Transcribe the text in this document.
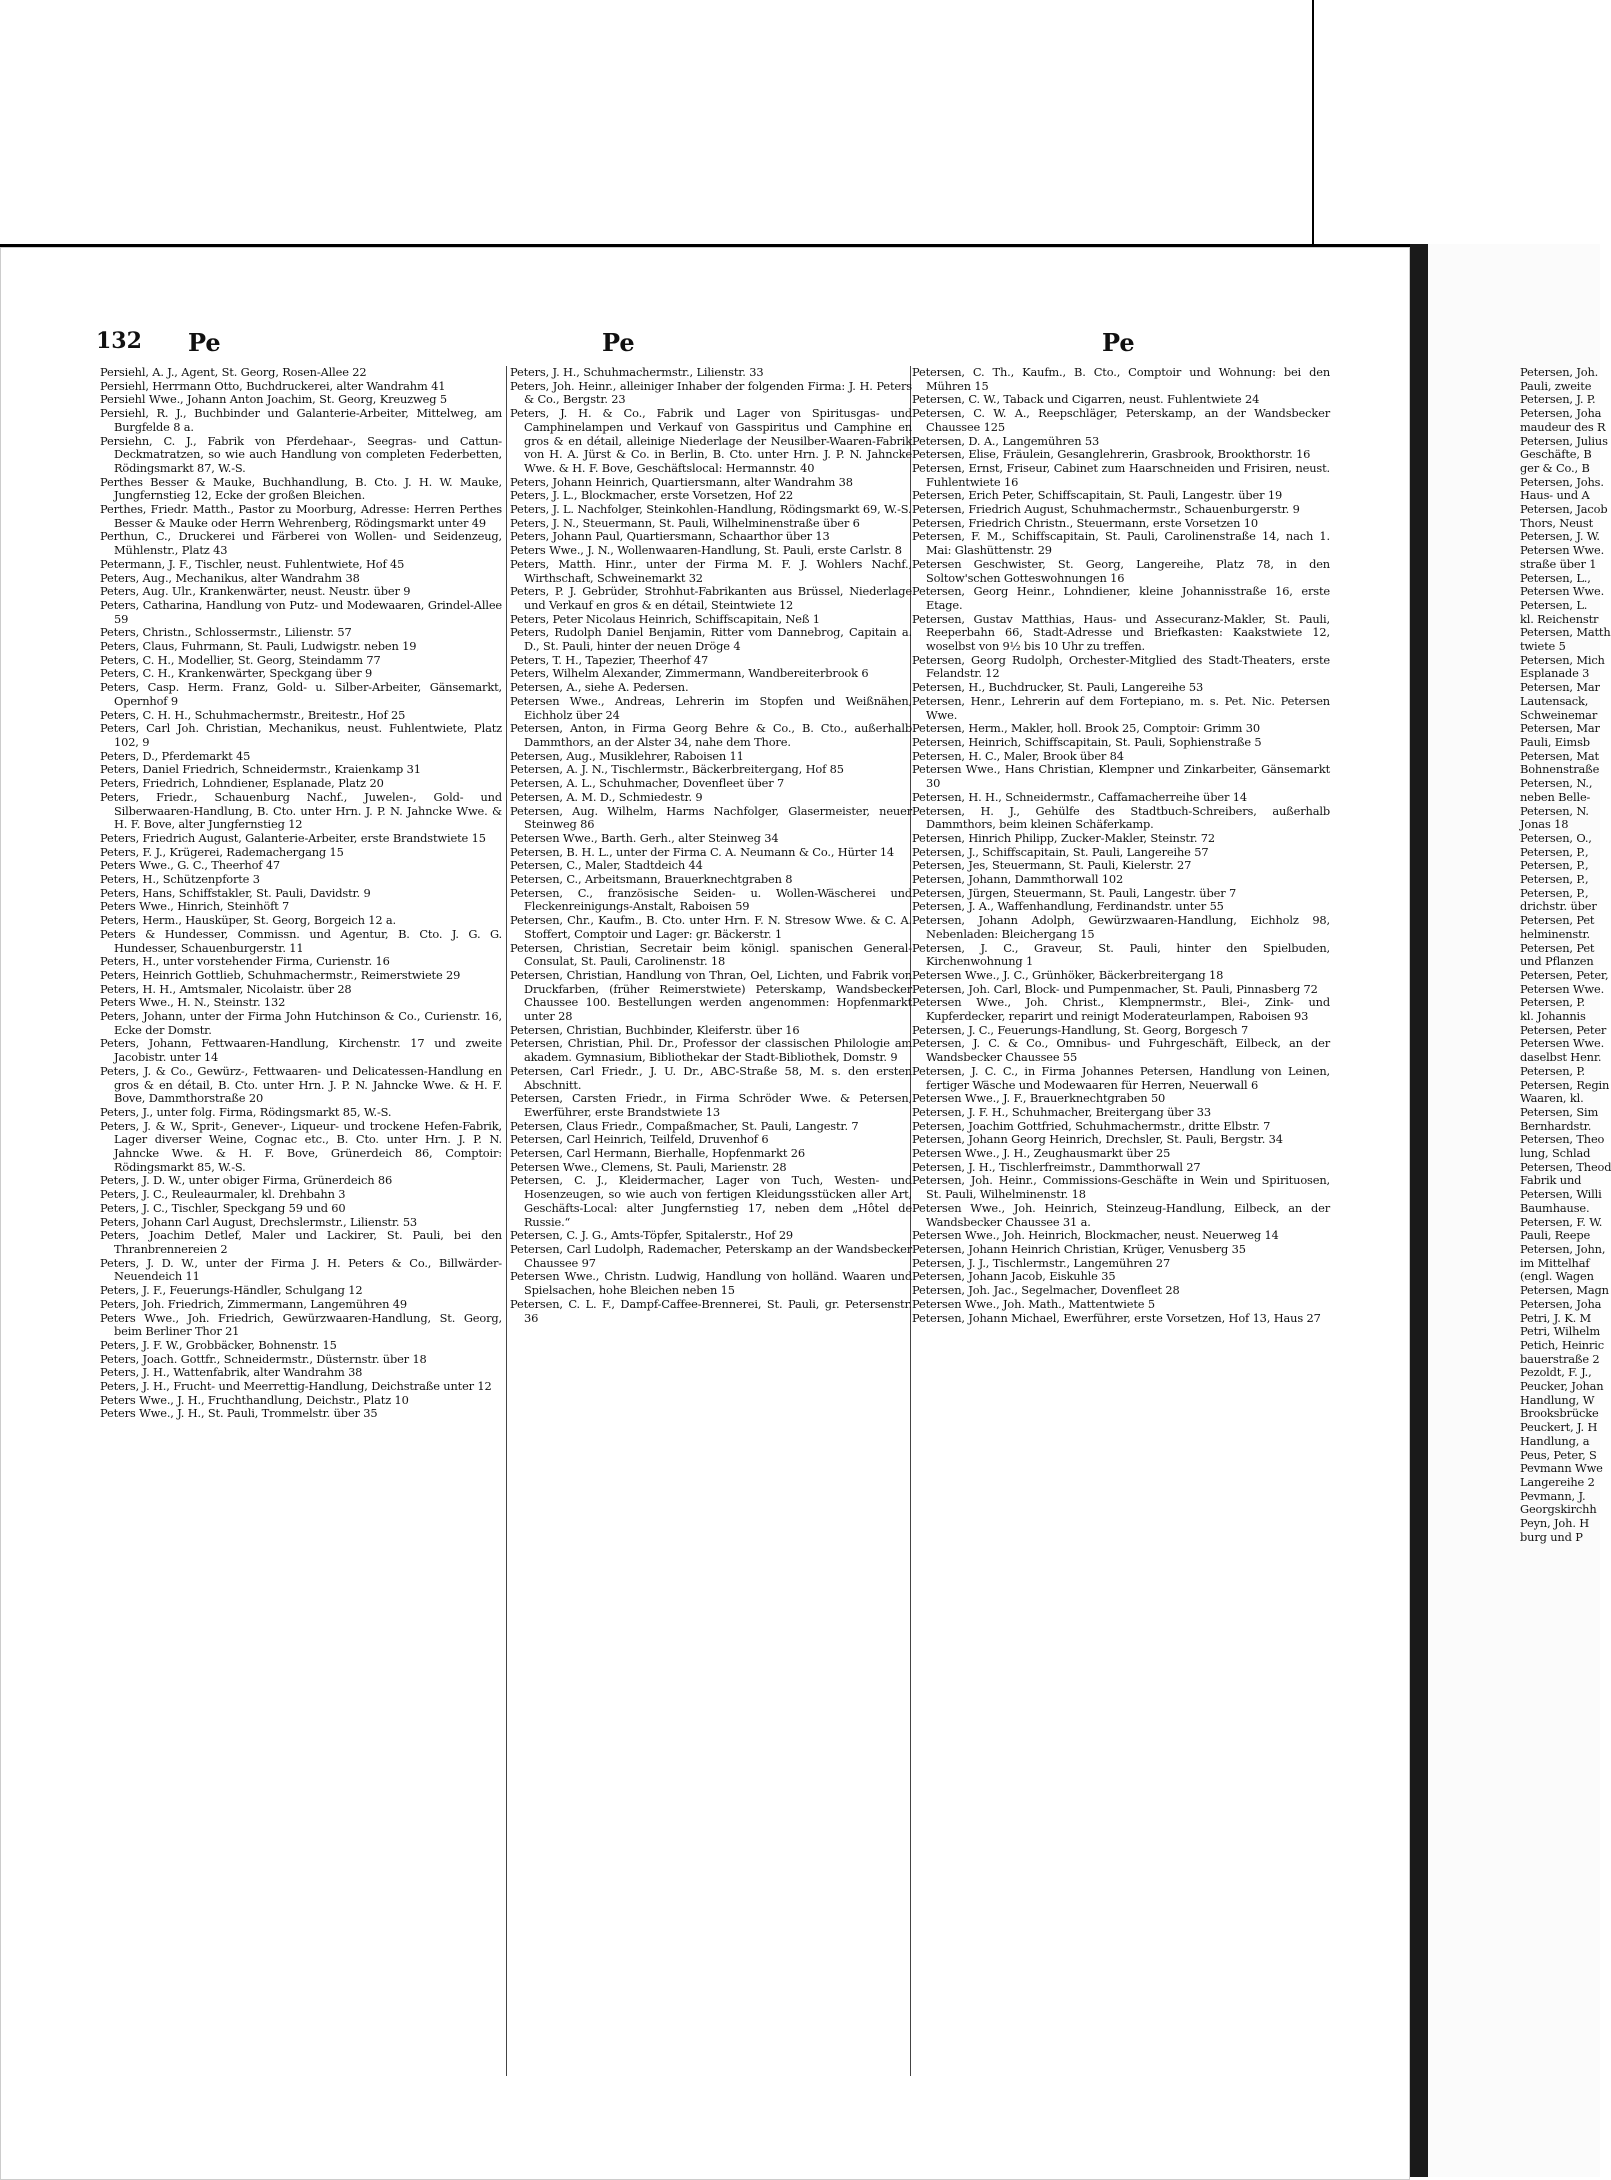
132 Pe	Pe	Pe
Persiehl, A. J., Agent, St. Georg, Rosen-Allee 22
Persiehl, Herrmann Otto, Buchdruckerei, alter Wandrahm 41
Persiehl Wwe., Johann Anton Joachim, St. Georg, Kreuzweg 5
Persiehl, R. J., Buchbinder und Galanterie-Arbeiter, Mittelweg, am Burgfelde 8 a.
Persiehn, C. J., Fabrik von Pferdehaar-, Seegras- und Cattun-Deckmatratzen, so wie auch Handlung von completen Federbetten, Rödingsmarkt 87, W.-S.
Perthes Besser & Mauke, Buchhandlung, B. Cto. J. H. W. Mauke, Jungfernstieg 12, Ecke der großen Bleichen.
Perthes, Friedr. Matth., Pastor zu Moorburg, Adresse: Herren Perthes Besser & Mauke oder Herrn Wehrenberg, Rödingsmarkt unter 49
Perthun, C., Druckerei und Färberei von Wollen- und Seidenzeug, Mühlenstr., Platz 43
Petermann, J. F., Tischler, neust. Fuhlentwiete, Hof 45
Peters, Aug., Mechanikus, alter Wandrahm 38
Peters, Aug. Ulr., Krankenwärter, neust. Neustr. über 9
Peters, Catharina, Handlung von Putz- und Modewaaren, Grindel-Allee 59
Peters, Christn., Schlossermstr., Lilienstr. 57
Peters, Claus, Fuhrmann, St. Pauli, Ludwigstr. neben 19
Peters, C. H., Modellier, St. Georg, Steindamm 77
Peters, C. H., Krankenwärter, Speckgang über 9
Peters, Casp. Herm. Franz, Gold- u. Silber-Arbeiter, Gänsemarkt, Opernhof 9
Peters, C. H. H., Schuhmachermstr., Breitestr., Hof 25
Peters, Carl Joh. Christian, Mechanikus, neust. Fuhlentwiete, Platz 102, 9
Peters, D., Pferdemarkt 45
Peters, Daniel Friedrich, Schneidermstr., Kraienkamp 31
Peters, Friedrich, Lohndiener, Esplanade, Platz 20
Peters, Friedr., Schauenburg Nachf., Juwelen-, Gold- und Silberwaaren-Handlung, B. Cto. unter Hrn. J. P. N. Jahncke Wwe. & H. F. Bove, alter Jungfernstieg 12
Peters, Friedrich August, Galanterie-Arbeiter, erste Brandstwiete 15
Peters, F. J., Krügerei, Rademachergang 15
Peters Wwe., G. C., Theerhof 47
Peters, H., Schützenpforte 3
Peters, Hans, Schiffstakler, St. Pauli, Davidstr. 9
Peters Wwe., Hinrich, Steinhöft 7
Peters, Herm., Hausküper, St. Georg, Borgeich 12 a.
Peters & Hundesser, Commissn. und Agentur, B. Cto. J. G. G. Hundesser, Schauenburgerstr. 11
Peters, H., unter vorstehender Firma, Curienstr. 16
Peters, Heinrich Gottlieb, Schuhmachermstr., Reimerstwiete 29
Peters, H. H., Amtsmaler, Nicolaistr. über 28
Peters Wwe., H. N., Steinstr. 132
Peters, Johann, unter der Firma John Hutchinson & Co., Curienstr. 16, Ecke der Domstr.
Peters, Johann, Fettwaaren-Handlung, Kirchenstr. 17 und zweite Jacobistr. unter 14
Peters, J. & Co., Gewürz-, Fettwaaren- und Delicatessen-Handlung en gros & en détail, B. Cto. unter Hrn. J. P. N. Jahncke Wwe. & H. F. Bove, Dammthorstraße 20
Peters, J., unter folg. Firma, Rödingsmarkt 85, W.-S.
Peters, J. & W., Sprit-, Genever-, Liqueur- und trockene Hefen-Fabrik, Lager diverser Weine, Cognac etc., B. Cto. unter Hrn. J. P. N. Jahncke Wwe. & H. F. Bove, Grünerdeich 86, Comptoir: Rödingsmarkt 85, W.-S.
Peters, J. D. W., unter obiger Firma, Grünerdeich 86
Peters, J. C., Reuleaurmaler, kl. Drehbahn 3
Peters, J. C., Tischler, Speckgang 59 und 60
Peters, Johann Carl August, Drechslermstr., Lilienstr. 53
Peters, Joachim Detlef, Maler und Lackirer, St. Pauli, bei den Thranbrennereien 2
Peters, J. D. W., unter der Firma J. H. Peters & Co., Billwärder-Neuendeich 11
Peters, J. F., Feuerungs-Händler, Schulgang 12
Peters, Joh. Friedrich, Zimmermann, Langemühren 49
Peters Wwe., Joh. Friedrich, Gewürzwaaren-Handlung, St. Georg, beim Berliner Thor 21
Peters, J. F. W., Grobbäcker, Bohnenstr. 15
Peters, Joach. Gottfr., Schneidermstr., Düsternstr. über 18
Peters, J. H., Wattenfabrik, alter Wandrahm 38
Peters, J. H., Frucht- und Meerrettig-Handlung, Deichstraße unter 12
Peters Wwe., J. H., Fruchthandlung, Deichstr., Platz 10
Peters Wwe., J. H., St. Pauli, Trommelstr. über 35
Peters, J. H., Schuhmachermstr., Lilienstr. 33
Peters, Joh. Heinr., alleiniger Inhaber der folgenden Firma: J. H. Peters & Co., Bergstr. 23
Peters, J. H. & Co., Fabrik und Lager von Spiritusgas- und Camphinelampen und Verkauf von Gasspiritus und Camphine en gros & en détail, alleinige Niederlage der Neusilber-Waaren-Fabrik von H. A. Jürst & Co. in Berlin, B. Cto. unter Hrn. J. P. N. Jahncke Wwe. & H. F. Bove, Geschäftslocal: Hermannstr. 40
Peters, Johann Heinrich, Quartiersmann, alter Wandrahm 38
Peters, J. L., Blockmacher, erste Vorsetzen, Hof 22
Peters, J. L. Nachfolger, Steinkohlen-Handlung, Rödingsmarkt 69, W.-S.
Peters, J. N., Steuermann, St. Pauli, Wilhelminenstraße über 6
Peters, Johann Paul, Quartiersmann, Schaarthor über 13
Peters Wwe., J. N., Wollenwaaren-Handlung, St. Pauli, erste Carlstr. 8
Peters, Matth. Hinr., unter der Firma M. F. J. Wohlers Nachf., Wirthschaft, Schweinemarkt 32
Peters, P. J. Gebrüder, Strohhut-Fabrikanten aus Brüssel, Niederlage und Verkauf en gros & en détail, Steintwiete 12
Peters, Peter Nicolaus Heinrich, Schiffscapitain, Neß 1
Peters, Rudolph Daniel Benjamin, Ritter vom Dannebrog, Capitain a. D., St. Pauli, hinter der neuen Dröge 4
Peters, T. H., Tapezier, Theerhof 47
Peters, Wilhelm Alexander, Zimmermann, Wandbereiterbrook 6
Petersen, A., siehe A. Pedersen.
Petersen Wwe., Andreas, Lehrerin im Stopfen und Weißnähen, Eichholz über 24
Petersen, Anton, in Firma Georg Behre & Co., B. Cto., außerhalb Dammthors, an der Alster 34, nahe dem Thore.
Petersen, Aug., Musiklehrer, Raboisen 11
Petersen, A. J. N., Tischlermstr., Bäckerbreitergang, Hof 85
Petersen, A. L., Schuhmacher, Dovenfleet über 7
Petersen, A. M. D., Schmiedestr. 9
Petersen, Aug. Wilhelm, Harms Nachfolger, Glasermeister, neuer Steinweg 86
Petersen Wwe., Barth. Gerh., alter Steinweg 34
Petersen, B. H. L., unter der Firma C. A. Neumann & Co., Hürter 14
Petersen, C., Maler, Stadtdeich 44
Petersen, C., Arbeitsmann, Brauerknechtgraben 8
Petersen, C., französische Seiden- u. Wollen-Wäscherei und Fleckenreinigungs-Anstalt, Raboisen 59
Petersen, Chr., Kaufm., B. Cto. unter Hrn. F. N. Stresow Wwe. & C. A. Stoffert, Comptoir und Lager: gr. Bäckerstr. 1
Petersen, Christian, Secretair beim königl. spanischen General-Consulat, St. Pauli, Carolinenstr. 18
Petersen, Christian, Handlung von Thran, Oel, Lichten, und Fabrik von Druckfarben, (früher Reimerstwiete) Peterskamp, Wandsbecker Chaussee 100. Bestellungen werden angenommen: Hopfenmarkt unter 28
Petersen, Christian, Buchbinder, Kleiferstr. über 16
Petersen, Christian, Phil. Dr., Professor der classischen Philologie am akadem. Gymnasium, Bibliothekar der Stadt-Bibliothek, Domstr. 9
Petersen, Carl Friedr., J. U. Dr., ABC-Straße 58, M. s. den ersten Abschnitt.
Petersen, Carsten Friedr., in Firma Schröder Wwe. & Petersen, Ewerführer, erste Brandstwiete 13
Petersen, Claus Friedr., Compaßmacher, St. Pauli, Langestr. 7
Petersen, Carl Heinrich, Teilfeld, Druvenhof 6
Petersen, Carl Hermann, Bierhalle, Hopfenmarkt 26
Petersen Wwe., Clemens, St. Pauli, Marienstr. 28
Petersen, C. J., Kleidermacher, Lager von Tuch, Westen- und Hosenzeugen, so wie auch von fertigen Kleidungsstücken aller Art, Geschäfts-Local: alter Jungfernstieg 17, neben dem „Hôtel de Russie.“
Petersen, C. J. G., Amts-Töpfer, Spitalerstr., Hof 29
Petersen, Carl Ludolph, Rademacher, Peterskamp an der Wandsbecker Chaussee 97
Petersen Wwe., Christn. Ludwig, Handlung von holländ. Waaren und Spielsachen, hohe Bleichen neben 15
Petersen, C. L. F., Dampf-Caffee-Brennerei, St. Pauli, gr. Petersenstr. 36
Petersen, C. Th., Kaufm., B. Cto., Comptoir und Wohnung: bei den Mühren 15
Petersen, C. W., Taback und Cigarren, neust. Fuhlentwiete 24
Petersen, C. W. A., Reepschläger, Peterskamp, an der Wandsbecker Chaussee 125
Petersen, D. A., Langemühren 53
Petersen, Elise, Fräulein, Gesanglehrerin, Grasbrook, Brookthorstr. 16
Petersen, Ernst, Friseur, Cabinet zum Haarschneiden und Frisiren, neust. Fuhlentwiete 16
Petersen, Erich Peter, Schiffscapitain, St. Pauli, Langestr. über 19
Petersen, Friedrich August, Schuhmachermstr., Schauenburgerstr. 9
Petersen, Friedrich Christn., Steuermann, erste Vorsetzen 10
Petersen, F. M., Schiffscapitain, St. Pauli, Carolinenstraße 14, nach 1. Mai: Glashüttenstr. 29
Petersen Geschwister, St. Georg, Langereihe, Platz 78, in den Soltow'schen Gotteswohnungen 16
Petersen, Georg Heinr., Lohndiener, kleine Johannisstraße 16, erste Etage.
Petersen, Gustav Matthias, Haus- und Assecuranz-Makler, St. Pauli, Reeperbahn 66, Stadt-Adresse und Briefkasten: Kaakstwiete 12, woselbst von 9½ bis 10 Uhr zu treffen.
Petersen, Georg Rudolph, Orchester-Mitglied des Stadt-Theaters, erste Felandstr. 12
Petersen, H., Buchdrucker, St. Pauli, Langereihe 53
Petersen, Henr., Lehrerin auf dem Fortepiano, m. s. Pet. Nic. Petersen Wwe.
Petersen, Herm., Makler, holl. Brook 25, Comptoir: Grimm 30
Petersen, Heinrich, Schiffscapitain, St. Pauli, Sophienstraße 5
Petersen, H. C., Maler, Brook über 84
Petersen Wwe., Hans Christian, Klempner und Zinkarbeiter, Gänsemarkt 30
Petersen, H. H., Schneidermstr., Caffamacherreihe über 14
Petersen, H. J., Gehülfe des Stadtbuch-Schreibers, außerhalb Dammthors, beim kleinen Schäferkamp.
Petersen, Hinrich Philipp, Zucker-Makler, Steinstr. 72
Petersen, J., Schiffscapitain, St. Pauli, Langereihe 57
Petersen, Jes, Steuermann, St. Pauli, Kielerstr. 27
Petersen, Johann, Dammthorwall 102
Petersen, Jürgen, Steuermann, St. Pauli, Langestr. über 7
Petersen, J. A., Waffenhandlung, Ferdinandstr. unter 55
Petersen, Johann Adolph, Gewürzwaaren-Handlung, Eichholz 98, Nebenladen: Bleichergang 15
Petersen, J. C., Graveur, St. Pauli, hinter den Spielbuden, Kirchenwohnung 1
Petersen Wwe., J. C., Grünhöker, Bäckerbreitergang 18
Petersen, Joh. Carl, Block- und Pumpenmacher, St. Pauli, Pinnasberg 72
Petersen Wwe., Joh. Christ., Klempnermstr., Blei-, Zink- und Kupferdecker, reparirt und reinigt Moderateurlampen, Raboisen 93
Petersen, J. C., Feuerungs-Handlung, St. Georg, Borgesch 7
Petersen, J. C. & Co., Omnibus- und Fuhrgeschäft, Eilbeck, an der Wandsbecker Chaussee 55
Petersen, J. C. C., in Firma Johannes Petersen, Handlung von Leinen, fertiger Wäsche und Modewaaren für Herren, Neuerwall 6
Petersen Wwe., J. F., Brauerknechtgraben 50
Petersen, J. F. H., Schuhmacher, Breitergang über 33
Petersen, Joachim Gottfried, Schuhmachermstr., dritte Elbstr. 7
Petersen, Johann Georg Heinrich, Drechsler, St. Pauli, Bergstr. 34
Petersen Wwe., J. H., Zeughausmarkt über 25
Petersen, J. H., Tischlerfreimstr., Dammthorwall 27
Petersen, Joh. Heinr., Commissions-Geschäfte in Wein und Spirituosen, St. Pauli, Wilhelminenstr. 18
Petersen Wwe., Joh. Heinrich, Steinzeug-Handlung, Eilbeck, an der Wandsbecker Chaussee 31 a.
Petersen Wwe., Joh. Heinrich, Blockmacher, neust. Neuerweg 14
Petersen, Johann Heinrich Christian, Krüger, Venusberg 35
Petersen, J. J., Tischlermstr., Langemühren 27
Petersen, Johann Jacob, Eiskuhle 35
Petersen, Joh. Jac., Segelmacher, Dovenfleet 28
Petersen Wwe., Joh. Math., Mattentwiete 5
Petersen, Johann Michael, Ewerführer, erste Vorsetzen, Hof 13, Haus 27
Petersen, Joh.
Pauli, zweite
Petersen, J. P.
Petersen, Joha
maudeur des R
Petersen, Julius
Geschäfte, B
ger & Co., B
Petersen, Johs.
Haus- und A
Petersen, Jacob
Thors, Neust
Petersen, J. W.
Petersen Wwe.
straße über 1
Petersen, L.,
Petersen Wwe.
Petersen, L.
kl. Reichenstr
Petersen, Matth
twiete 5
Petersen, Mich
Esplanade 3
Petersen, Mar
Lautensack,
Schweinemar
Petersen, Mar
Pauli, Eimsb
Petersen, Mat
Bohnenstraße
Petersen, N.,
neben Belle-
Petersen, N.
Jonas 18
Petersen, O.,
Petersen, P.,
Petersen, P.,
Petersen, P.,
Petersen, P.,
drichstr. über
Petersen, Pet
helminenstr.
Petersen, Pet
und Pflanzen
Petersen, Peter,
Petersen Wwe.
Petersen, P.
kl. Johannis
Petersen, Peter
Petersen Wwe.
daselbst Henr.
Petersen, P.
Petersen, Regin
Waaren, kl.
Petersen, Sim
Bernhardstr.
Petersen, Theo
lung, Schlad
Petersen, Theod
Fabrik und
Petersen, Willi
Baumhause.
Petersen, F. W.
Pauli, Reepe
Petersen, John,
im Mittelhaf
(engl. Wagen
Petersen, Magn
Petersen, Joha
Petri, J. K. M
Petri, Wilhelm
Petich, Heinric
bauerstraße 2
Pezoldt, F. J.,
Peucker, Johan
Handlung, W
Brooksbrücke
Peuckert, J. H
Handlung, a
Peus, Peter, S
Pevmann Wwe
Langereihe 2
Pevmann, J.
Georgskirchh
Peyn, Joh. H
burg und P
